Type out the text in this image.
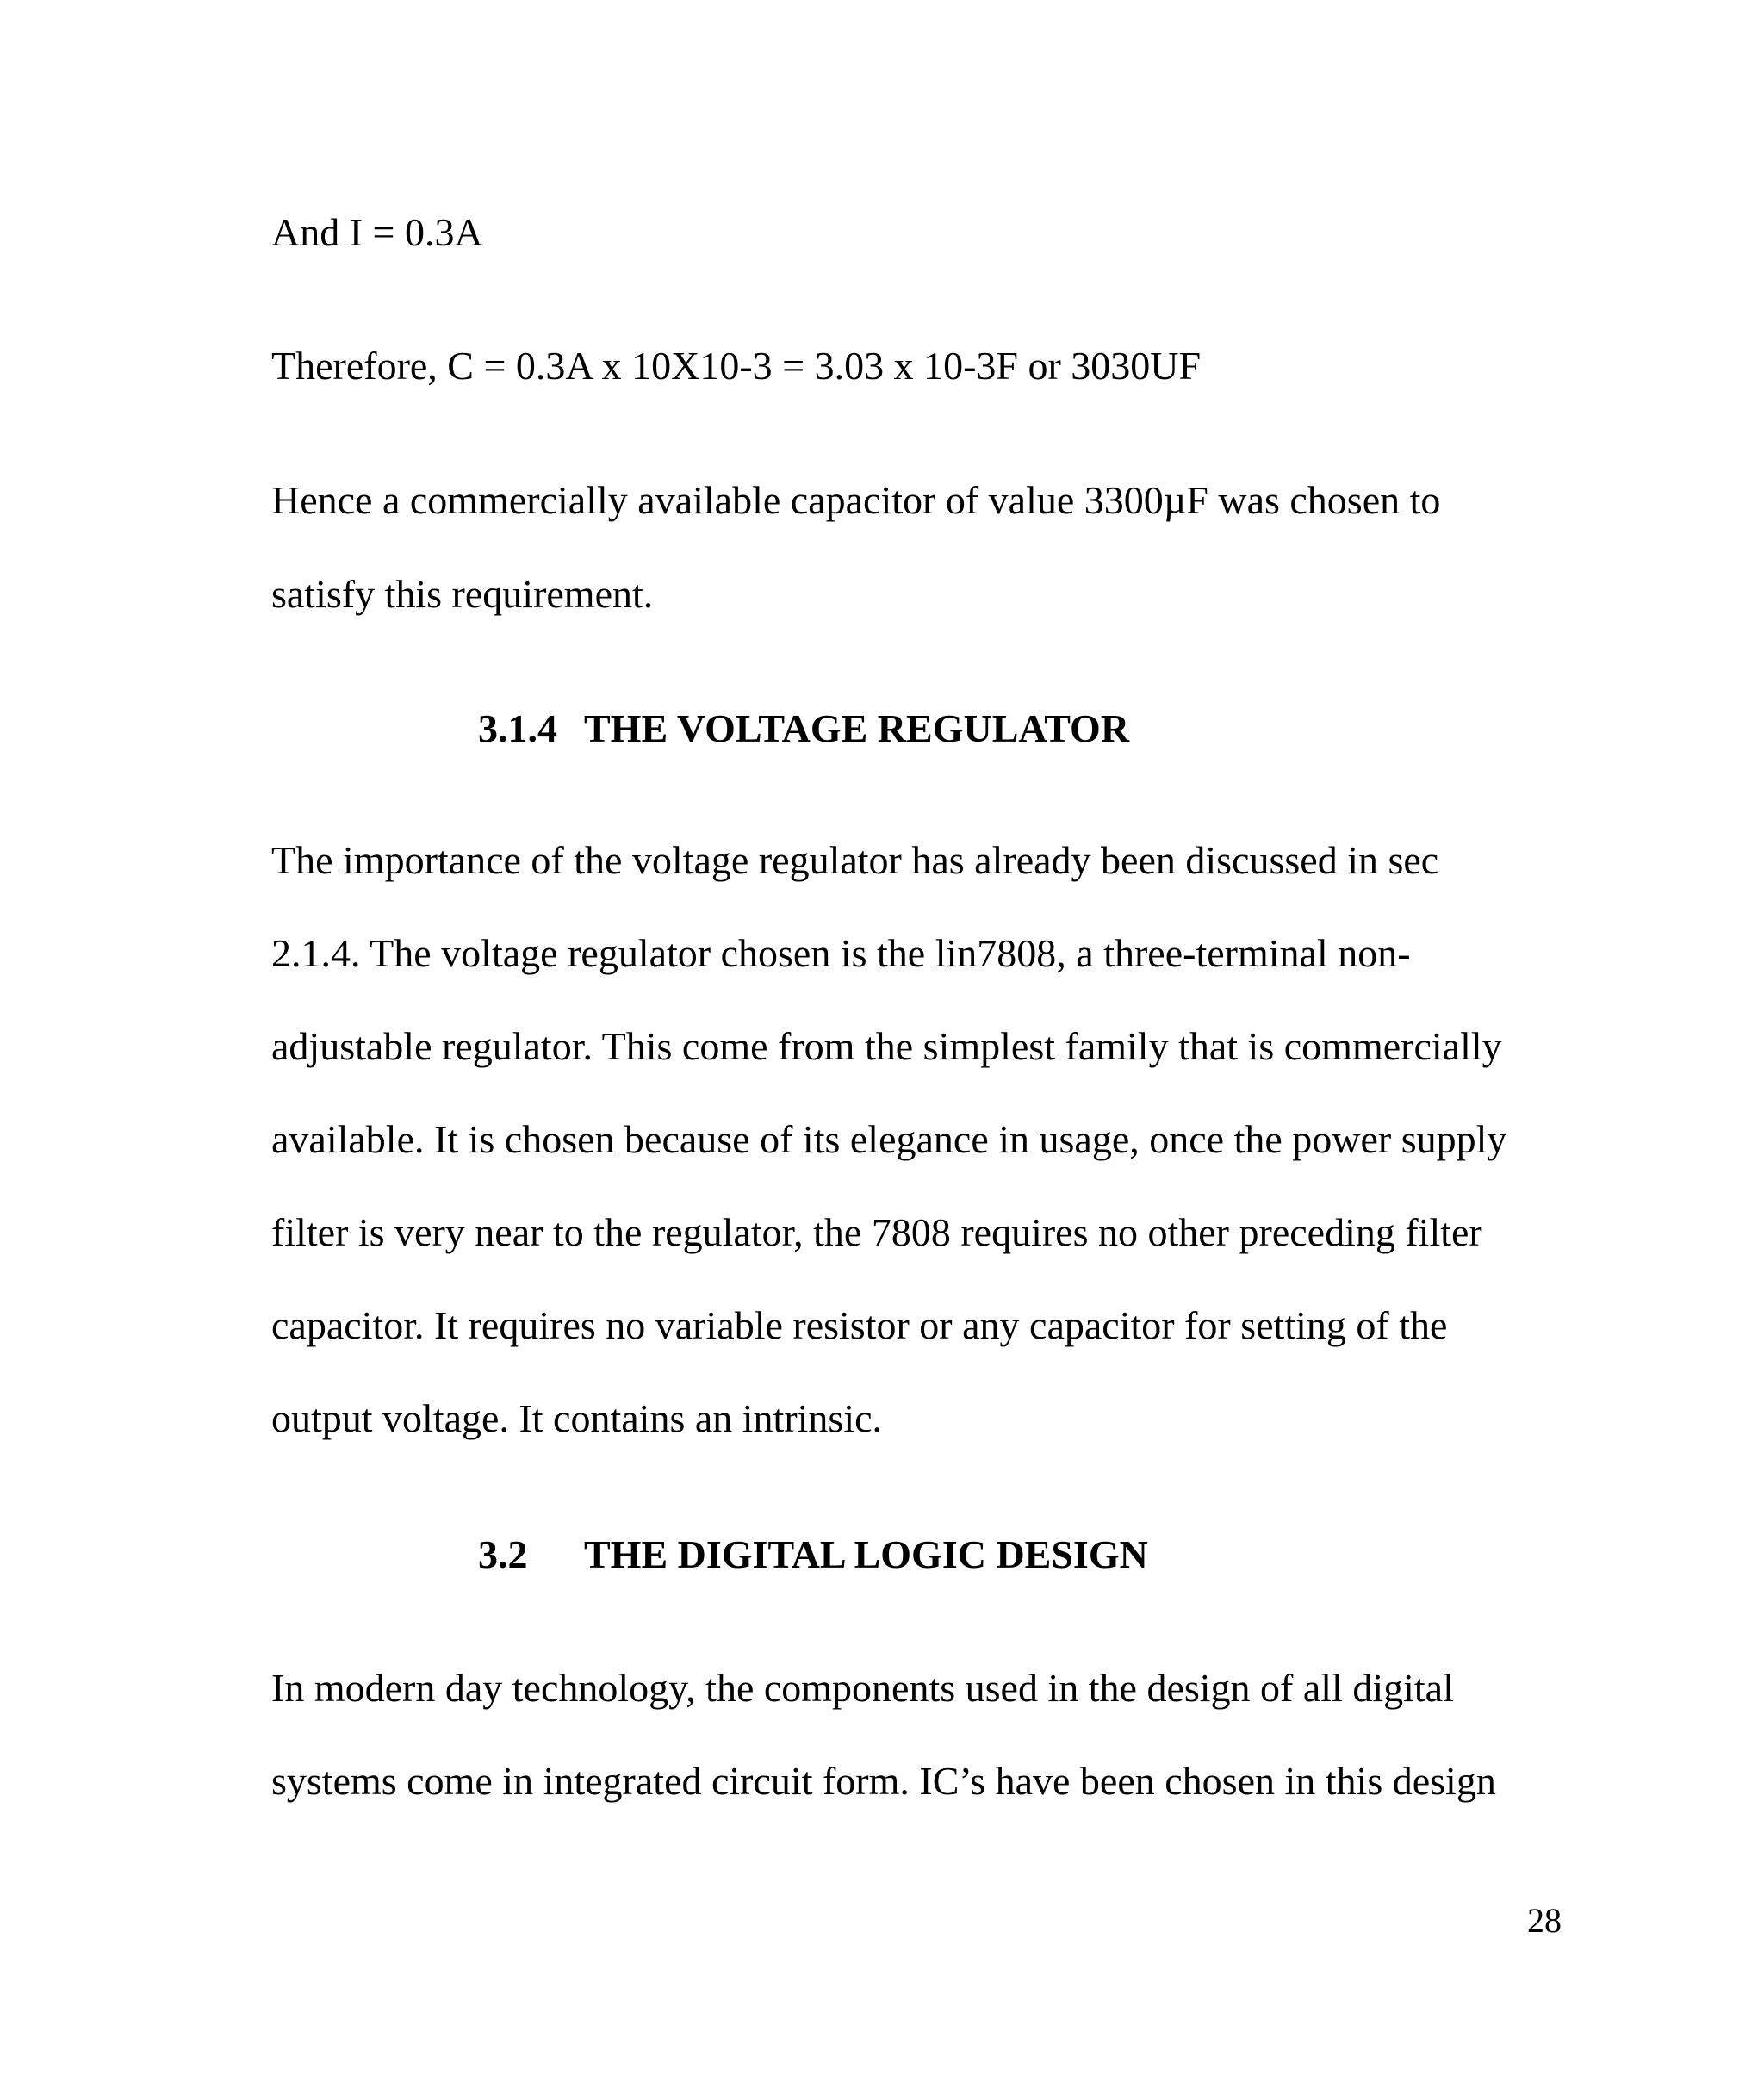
And I = 0.3A
Therefore, C = 0.3A x 10X10-3 = 3.03 x 10-3F or 3030UF
Hence a commercially available capacitor of value 3300µF was chosen to
satisfy this requirement.
3.1.4 THE VOLTAGE REGULATOR
The importance of the voltage regulator has already been discussed in sec
2.1.4. The voltage regulator chosen is the lin7808, a three-terminal non-
adjustable regulator. This come from the simplest family that is commercially
available. It is chosen because of its elegance in usage, once the power supply
filter is very near to the regulator, the 7808 requires no other preceding filter
capacitor. It requires no variable resistor or any capacitor for setting of the
output voltage. It contains an intrinsic.
3.2 THE DIGITAL LOGIC DESIGN
In modern day technology, the components used in the design of all digital
systems come in integrated circuit form. IC’s have been chosen in this design
28
